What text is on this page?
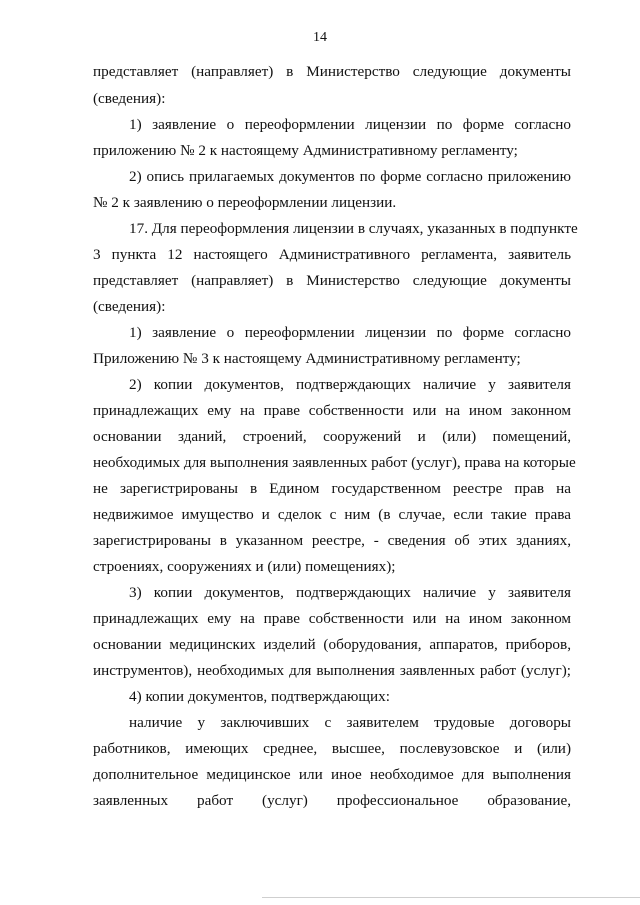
14
представляет (направляет) в Министерство следующие документы
(сведения):
1) заявление о переоформлении лицензии по форме согласно
приложению № 2 к настоящему Административному регламенту;
2) опись прилагаемых документов по форме согласно приложению
№ 2 к заявлению о переоформлении лицензии.
17. Для переоформления лицензии в случаях, указанных в подпункте
3 пункта 12 настоящего Административного регламента, заявитель
представляет (направляет) в Министерство следующие документы
(сведения):
1) заявление о переоформлении лицензии по форме согласно
Приложению № 3 к настоящему Административному регламенту;
2) копии документов, подтверждающих наличие у заявителя
принадлежащих ему на праве собственности или на ином законном
основании зданий, строений, сооружений и (или) помещений,
необходимых для выполнения заявленных работ (услуг), права на которые
не зарегистрированы в Едином государственном реестре прав на
недвижимое имущество и сделок с ним (в случае, если такие права
зарегистрированы в указанном реестре, - сведения об этих зданиях,
строениях, сооружениях и (или) помещениях);
3) копии документов, подтверждающих наличие у заявителя
принадлежащих ему на праве собственности или на ином законном
основании медицинских изделий (оборудования, аппаратов, приборов,
инструментов), необходимых для выполнения заявленных работ (услуг);
4) копии документов, подтверждающих:
наличие у заключивших с заявителем трудовые договоры
работников, имеющих среднее, высшее, послевузовское и (или)
дополнительное медицинское или иное необходимое для выполнения
заявленных работ (услуг) профессиональное образование,
